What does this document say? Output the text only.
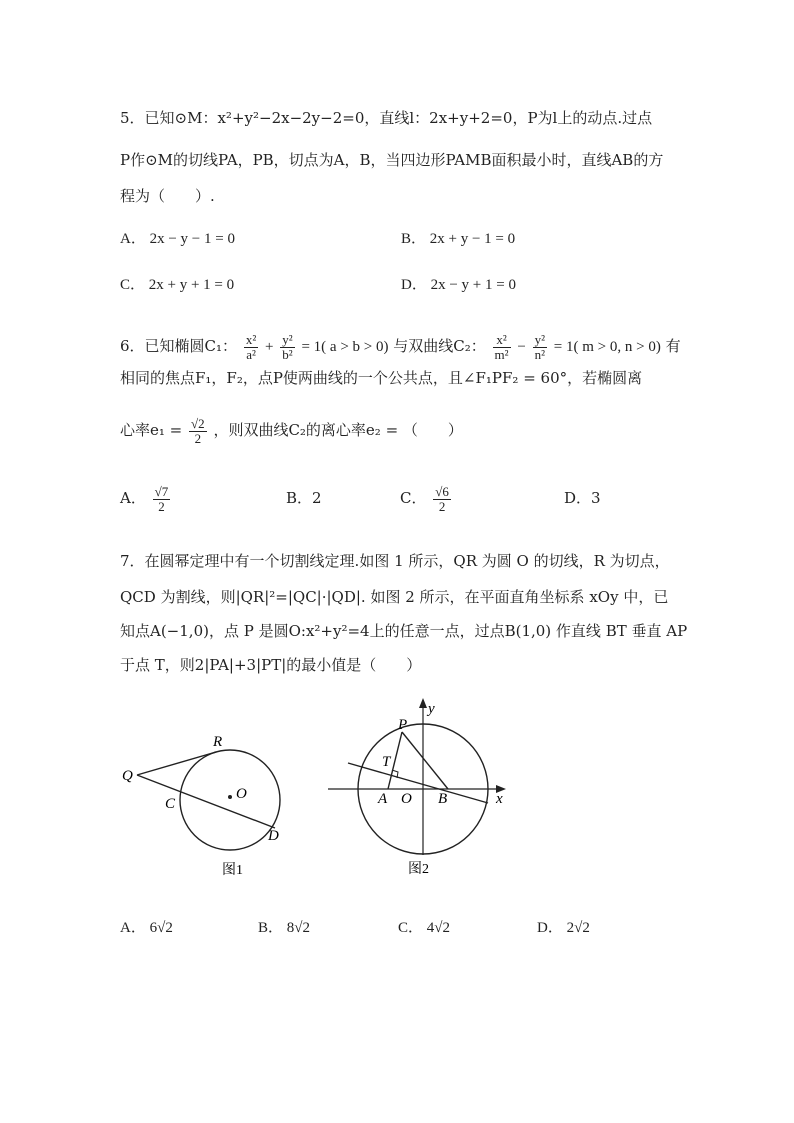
5．已知⊙M：x²+y²−2x−2y−2=0，直线l：2x+y+2=0，P为l上的动点.过点
P作⊙M的切线PA，PB，切点为A，B，当四边形PAMB面积最小时，直线AB的方
程为（　　）.
A． 2x − y − 1 = 0	B． 2x + y − 1 = 0
C． 2x + y + 1 = 0	D． 2x − y + 1 = 0
6．已知椭圆C₁： $\frac{\text{x²}}{\text{a²}} + \frac{\text{y²}}{\text{b²}} = 1$( a > b > 0) 与双曲线C₂： $\frac{\text{x²}}{\text{m²}} - \frac{\text{y²}}{\text{n²}} = 1$( m > 0, n > 0) 有
相同的焦点F₁，F₂，点P使两曲线的一个公共点，且∠F₁PF₂ = 60°，若椭圆离
心率$e_1 = \frac{√2}{2}$ ，则双曲线C₂的离心率e₂ = （　　）
A． $\frac{√7}{2}$	B．2	C． $\frac{√6}{2}$	D．3
7．在圆幂定理中有一个切割线定理.如图 1 所示，QR 为圆 O 的切线，R 为切点，
QCD 为割线，则|QR|²=|QC|·|QD|. 如图 2 所示，在平面直角坐标系 xOy 中，已
知点A(−1,0)，点 P 是圆O:x²+y²=4上的任意一点，过点B(1,0) 作直线 BT 垂直 AP
于点 T，则2|PA|+3|PT|的最小值是（　　）
Q
R
C
D
O
图1
P
T
A O B	x
y
图2
A． 6√2	B． 8√2	C． 4√2	D． 2√2
